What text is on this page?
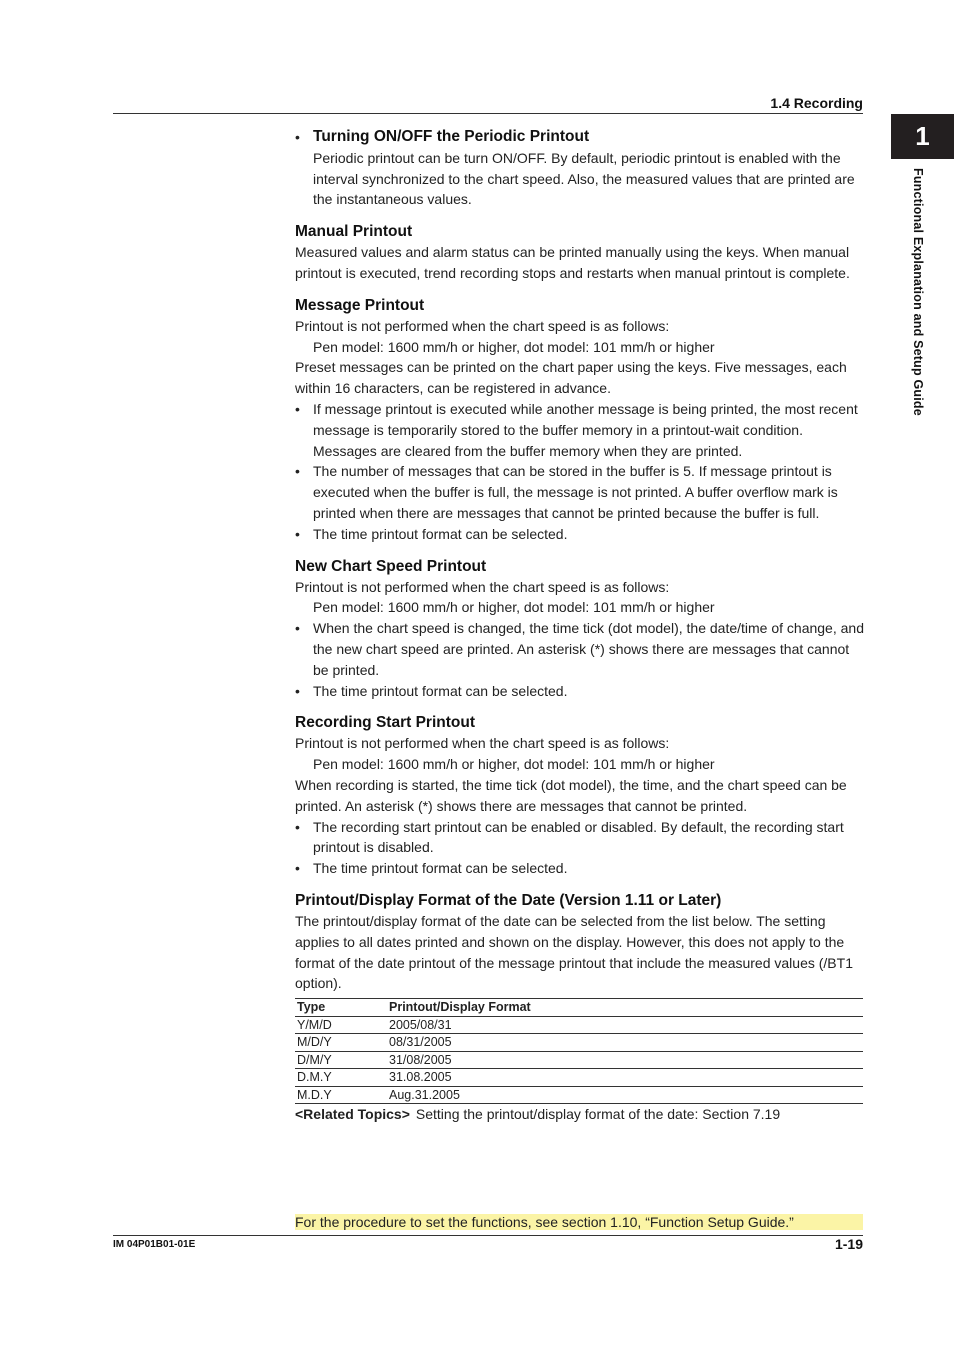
1.4 Recording
1
Functional Explanation and Setup Guide
• Turning ON/OFF the Periodic Printout

Periodic printout can be turn ON/OFF. By default, periodic printout is enabled with the interval synchronized to the chart speed. Also, the measured values that are printed are the instantaneous values.

Manual Printout

Measured values and alarm status can be printed manually using the keys. When manual printout is executed, trend recording stops and restarts when manual printout is complete.

Message Printout

Printout is not performed when the chart speed is as follows:

Pen model: 1600 mm/h or higher, dot model: 101 mm/h or higher

Preset messages can be printed on the chart paper using the keys. Five messages, each within 16 characters, can be registered in advance.

• If message printout is executed while another message is being printed, the most recent message is temporarily stored to the buffer memory in a printout-wait condition. Messages are cleared from the buffer memory when they are printed.
• The number of messages that can be stored in the buffer is 5. If message printout is executed when the buffer is full, the message is not printed. A buffer overflow mark is printed when there are messages that cannot be printed because the buffer is full.
• The time printout format can be selected.
New Chart Speed Printout

Printout is not performed when the chart speed is as follows:

Pen model: 1600 mm/h or higher, dot model: 101 mm/h or higher

• When the chart speed is changed, the time tick (dot model), the date/time of change, and the new chart speed are printed. An asterisk (*) shows there are messages that cannot be printed.
• The time printout format can be selected.
Recording Start Printout

Printout is not performed when the chart speed is as follows:

Pen model: 1600 mm/h or higher, dot model: 101 mm/h or higher

When recording is started, the time tick (dot model), the time, and the chart speed can be printed. An asterisk (*) shows there are messages that cannot be printed.

• The recording start printout can be enabled or disabled. By default, the recording start printout is disabled.
• The time printout format can be selected.
Printout/Display Format of the Date (Version 1.11 or Later)

The printout/display format of the date can be selected from the list below. The setting applies to all dates printed and shown on the display. However, this does not apply to the format of the date printout of the message printout that include the measured values (/BT1 option).

Type	Printout/Display Format
Y/M/D	2005/08/31
M/D/Y	08/31/2005
D/M/Y	31/08/2005
D.M.Y	31.08.2005
M.D.Y	Aug.31.2005

<Related Topics> Setting the printout/display format of the date: Section 7.19

For the procedure to set the functions, see section 1.10, “Function Setup Guide.”
IM 04P01B01-01E	1-19
